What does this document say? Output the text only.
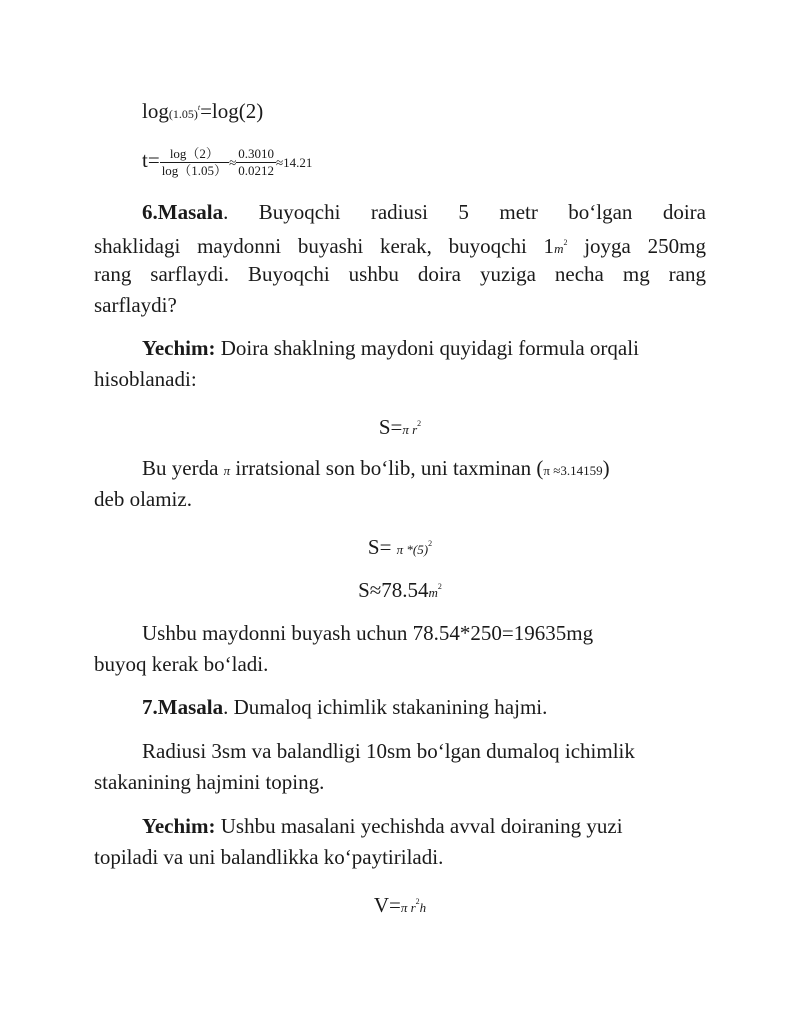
$\log(1.05)^t=\log(2)$
$t= \frac{\log(2)}{\log(1.05)} \approx \frac{0.3010}{0.0212} \approx 14.21$
6.Masala. Buyoqchi radiusi 5 metr bo‘lgan doira
shaklidagi maydonni buyashi kerak, buyoqchi $1m^2$ joyga 250mg
rang sarflaydi. Buyoqchi ushbu doira yuziga necha mg rang
sarflaydi?
Yechim: Doira shaklning maydoni quyidagi formula orqali
hisoblanadi:
S=π $r^2$
Bu yerda π irratsional son bo‘lib, uni taxminan (π ≈3.14159)
deb olamiz.
S= π $*(5)^2$
$S\approx 78.54m^2$
Ushbu maydonni buyash uchun 78.54*250=19635mg
buyoq kerak bo‘ladi.
7.Masala. Dumaloq ichimlik stakanining hajmi.
Radiusi 3sm va balandligi 10sm bo‘lgan dumaloq ichimlik
stakanining hajmini toping.
Yechim: Ushbu masalani yechishda avval doiraning yuzi
topiladi va uni balandlikka ko‘paytiriladi.
V=π $r^2h$
